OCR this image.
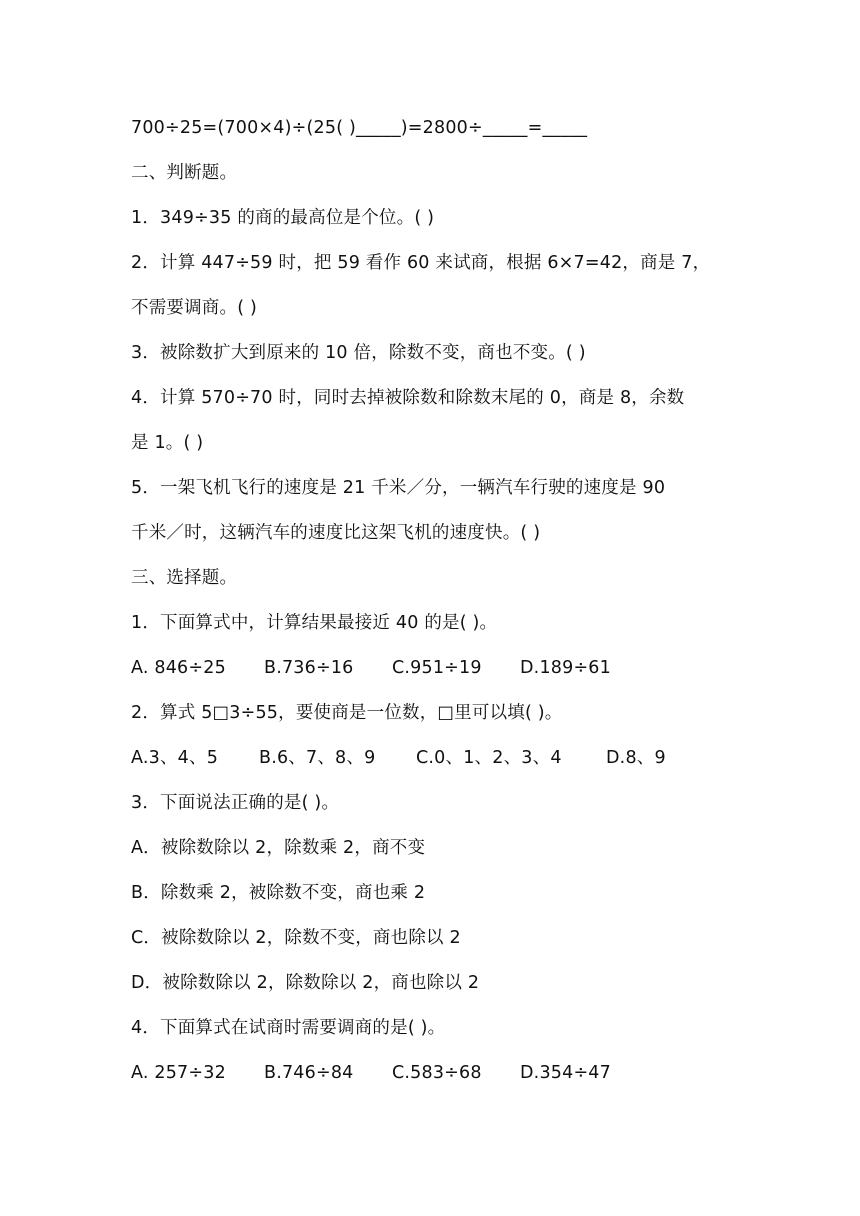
700÷25=(700×4)÷(25( )_____)=2800÷_____=_____
二、判断题。
1．349÷35 的商的最高位是个位。( )
2．计算 447÷59 时，把 59 看作 60 来试商，根据 6×7=42，商是 7，
不需要调商。( )
3．被除数扩大到原来的 10 倍，除数不变，商也不变。( )
4．计算 570÷70 时，同时去掉被除数和除数末尾的 0，商是 8，余数
是 1。( )
5．一架飞机飞行的速度是 21 千米／分，一辆汽车行驶的速度是 90
千米／时，这辆汽车的速度比这架飞机的速度快。( )
三、选择题。
1．下面算式中，计算结果最接近 40 的是( )。
A. 846÷25	B.736÷16	C.951÷19	D.189÷61
2．算式 5□3÷55，要使商是一位数，□里可以填( )。
A.3、4、5	B.6、7、8、9	C.0、1、2、3、4	D.8、9
3．下面说法正确的是( )。
A．被除数除以 2，除数乘 2，商不变
B．除数乘 2，被除数不变，商也乘 2
C．被除数除以 2，除数不变，商也除以 2
D．被除数除以 2，除数除以 2，商也除以 2
4．下面算式在试商时需要调商的是( )。
A. 257÷32	B.746÷84	C.583÷68	D.354÷47
